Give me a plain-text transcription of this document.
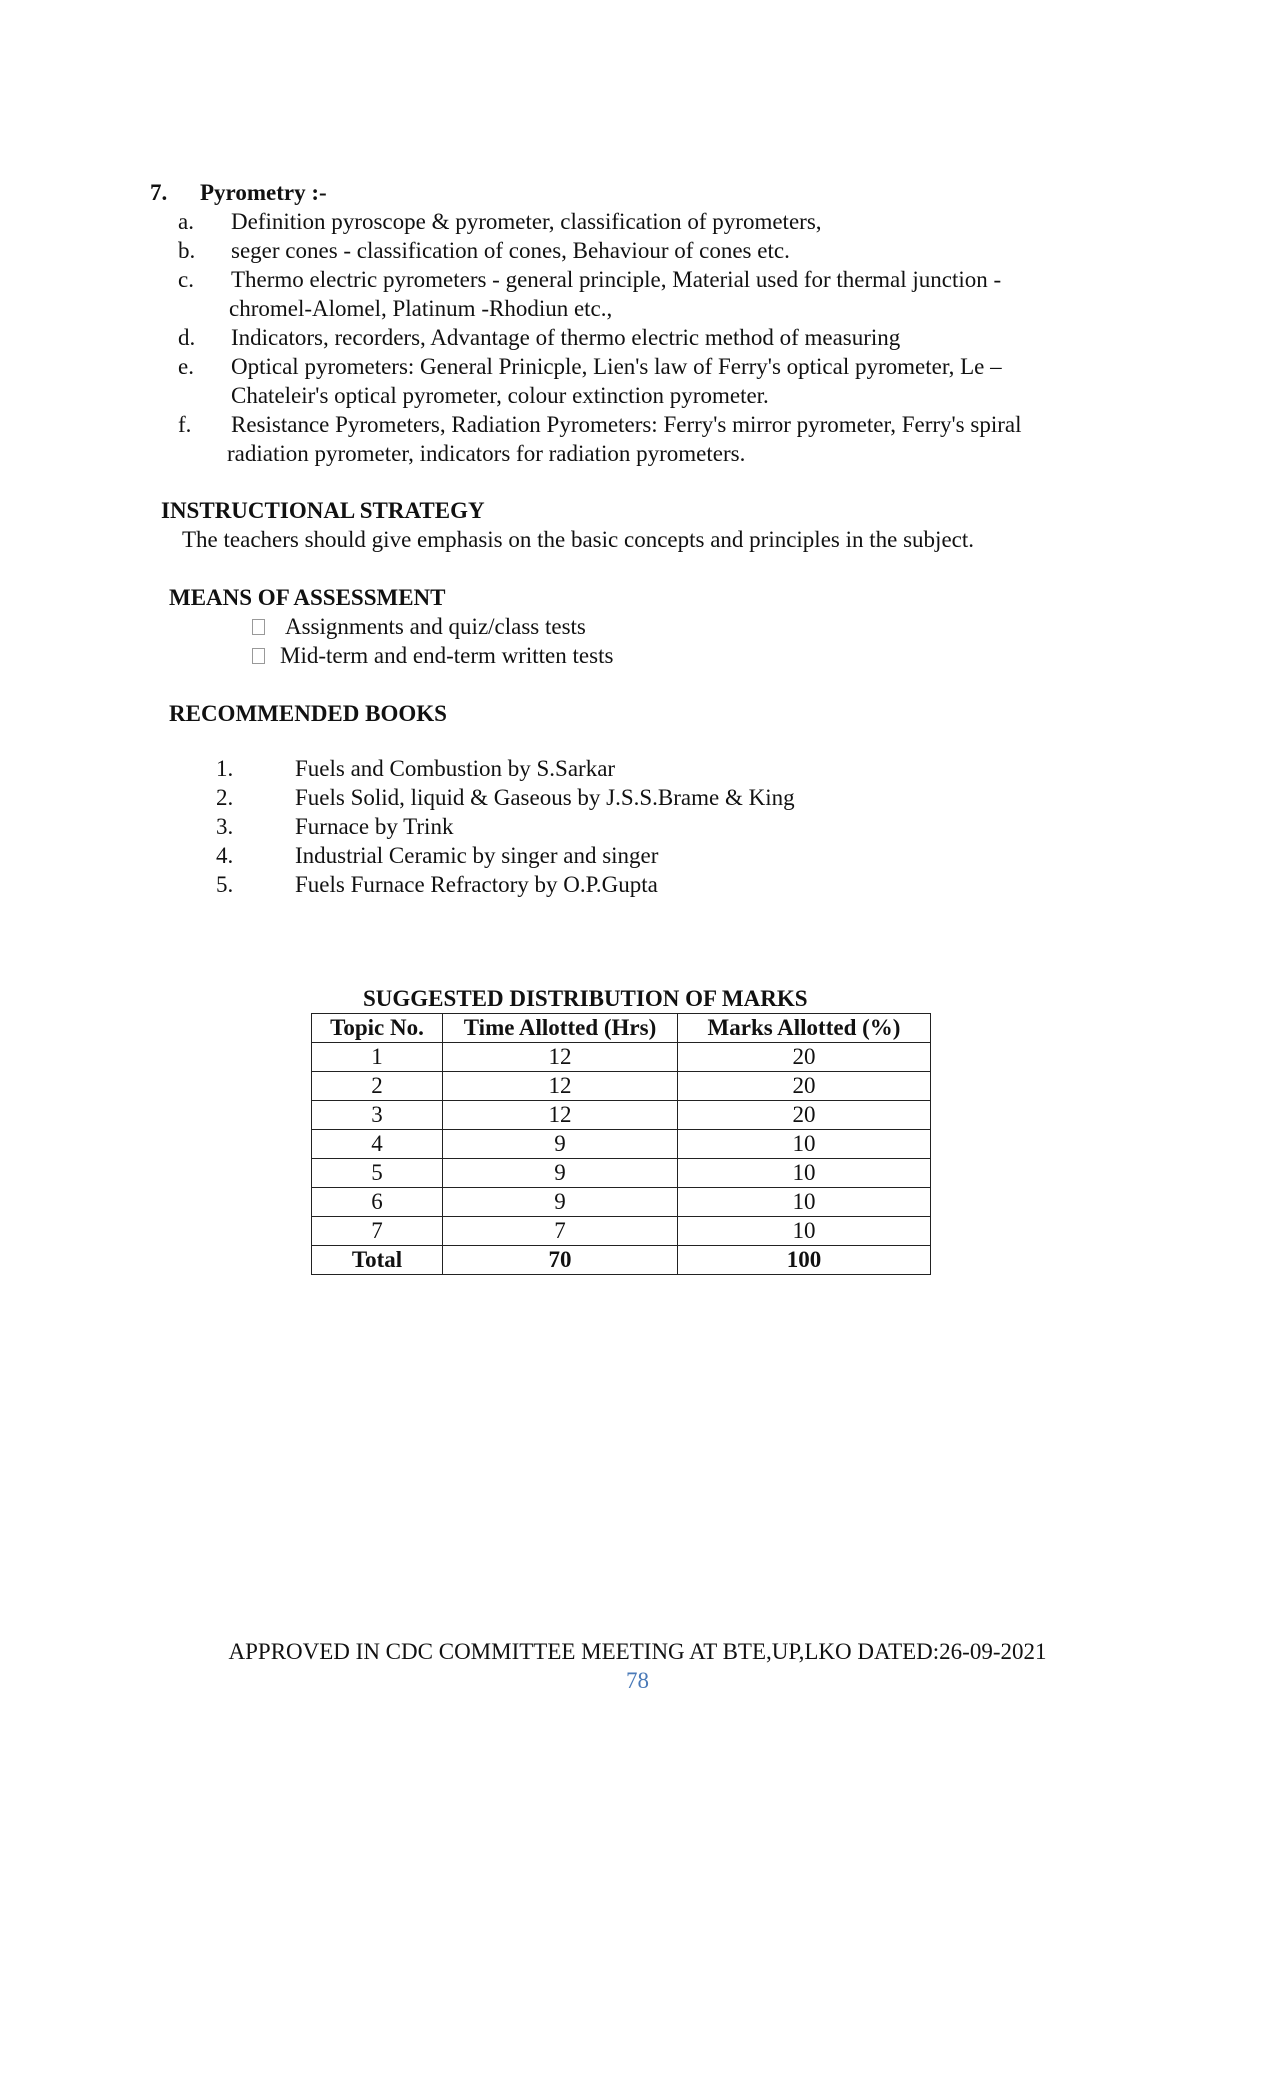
7. Pyrometry :-
a. Definition pyroscope & pyrometer, classification of pyrometers,
b. seger cones - classification of cones, Behaviour of cones etc.
c. Thermo electric pyrometers - general principle, Material used for thermal junction -
chromel-Alomel, Platinum -Rhodiun etc.,
d. Indicators, recorders, Advantage of thermo electric method of measuring
e. Optical pyrometers: General Prinicple, Lien's law of Ferry's optical pyrometer, Le –
Chateleir's optical pyrometer, colour extinction pyrometer.
f. Resistance Pyrometers, Radiation Pyrometers: Ferry's mirror pyrometer, Ferry's spiral
radiation pyrometer, indicators for radiation pyrometers.
INSTRUCTIONAL STRATEGY
The teachers should give emphasis on the basic concepts and principles in the subject.
MEANS OF ASSESSMENT
Assignments and quiz/class tests
Mid-term and end-term written tests
RECOMMENDED BOOKS
1.	Fuels and Combustion by S.Sarkar
2.	Fuels Solid, liquid & Gaseous by J.S.S.Brame & King
3.	Furnace by Trink
4.	Industrial Ceramic by singer and singer
5.	Fuels Furnace Refractory by O.P.Gupta
SUGGESTED DISTRIBUTION OF MARKS
Topic No.	Time Allotted (Hrs)	Marks Allotted (%)
1	12	20
2	12	20
3	12	20
4	9	10
5	9	10
6	9	10
7	7	10
Total	70	100
APPROVED IN CDC COMMITTEE MEETING AT BTE,UP,LKO DATED:26-09-2021
78
